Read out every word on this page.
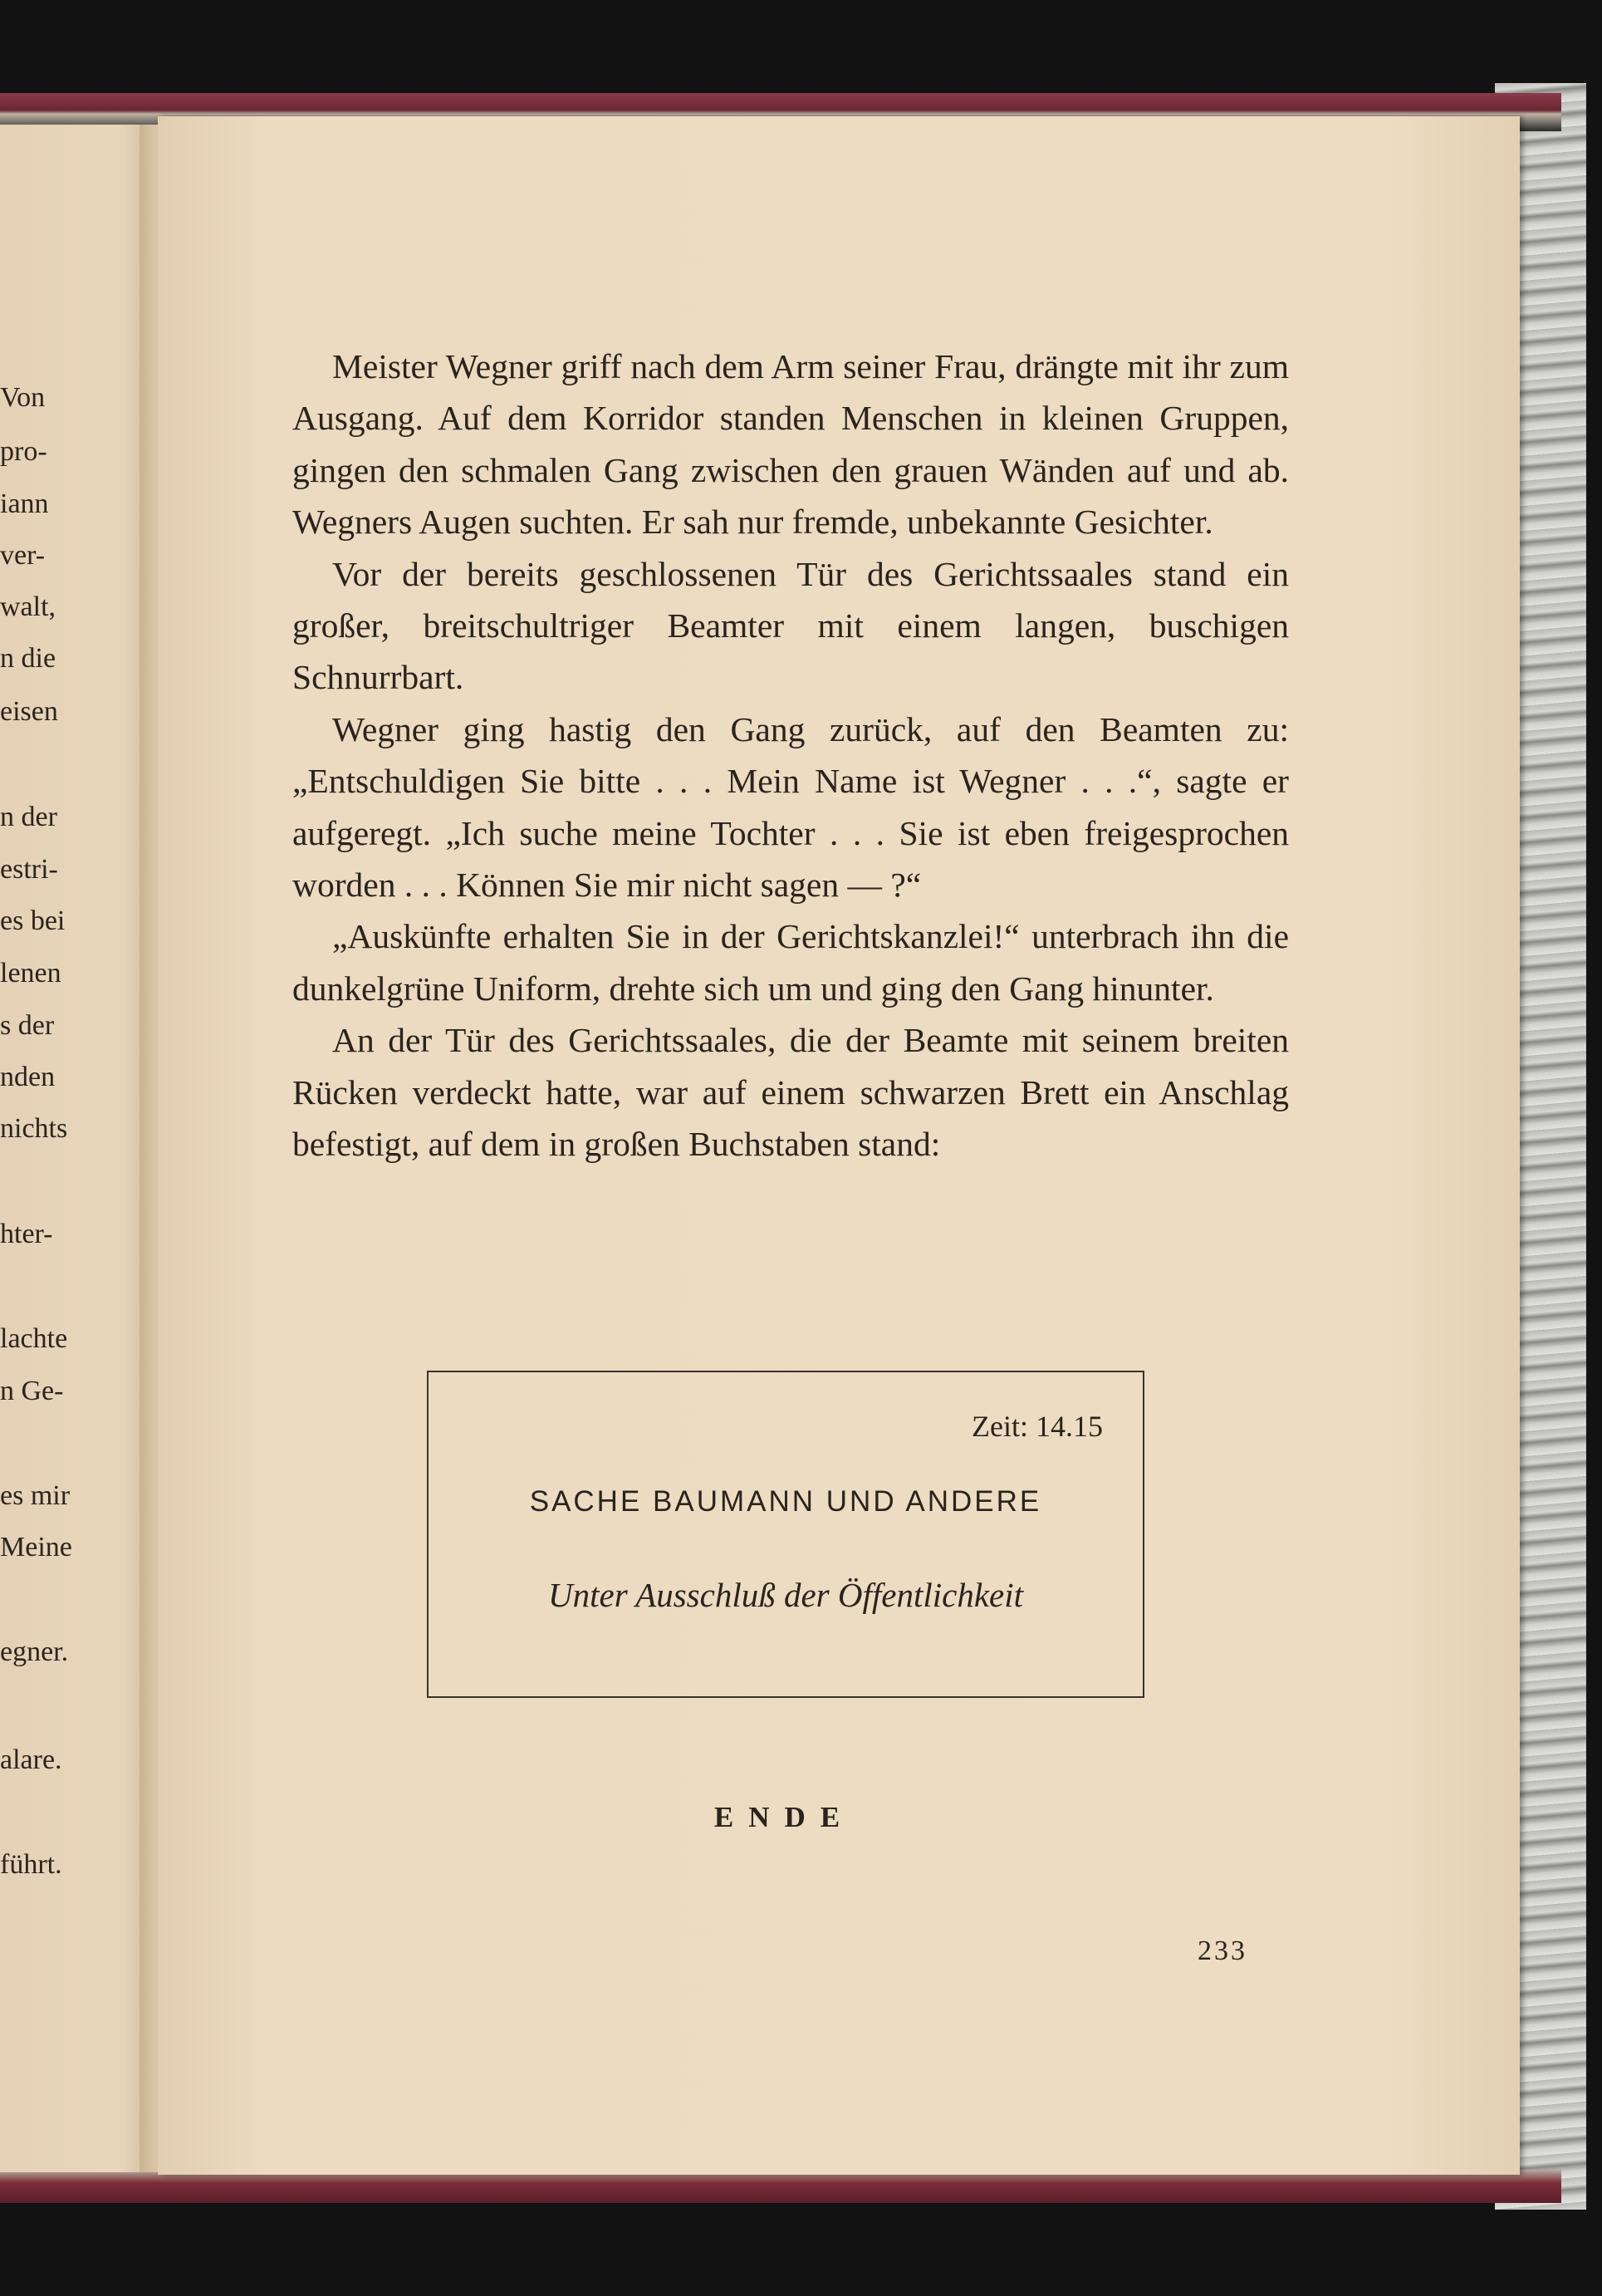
Von
pro-
iann
ver-
walt,
n die
eisen
n der
estri-
es bei
lenen
s der
nden
nichts
hter-
lachte
n Ge-
es mir
Meine
egner.
alare.
führt.

Meister Wegner griff nach dem Arm seiner Frau, drängte mit ihr zum Ausgang. Auf dem Korridor standen Menschen in kleinen Gruppen, gingen den schmalen Gang zwischen den grauen Wänden auf und ab. Wegners Augen suchten. Er sah nur fremde, unbekannte Gesichter.

Vor der bereits geschlossenen Tür des Gerichtssaales stand ein großer, breitschultriger Beamter mit einem langen, buschigen Schnurrbart.

Wegner ging hastig den Gang zurück, auf den Beamten zu: „Entschuldigen Sie bitte . . . Mein Name ist Wegner . . .“, sagte er aufgeregt. „Ich suche meine Tochter . . . Sie ist eben freigesprochen worden . . . Können Sie mir nicht sagen — ?“

„Auskünfte erhalten Sie in der Gerichtskanzlei!“ unterbrach ihn die dunkelgrüne Uniform, drehte sich um und ging den Gang hinunter.

An der Tür des Gerichtssaales, die der Beamte mit seinem breiten Rücken verdeckt hatte, war auf einem schwarzen Brett ein Anschlag befestigt, auf dem in großen Buchstaben stand:

Zeit: 14.15
SACHE BAUMANN UND ANDERE
Unter Ausschluß der Öffentlichkeit
ENDE
233
